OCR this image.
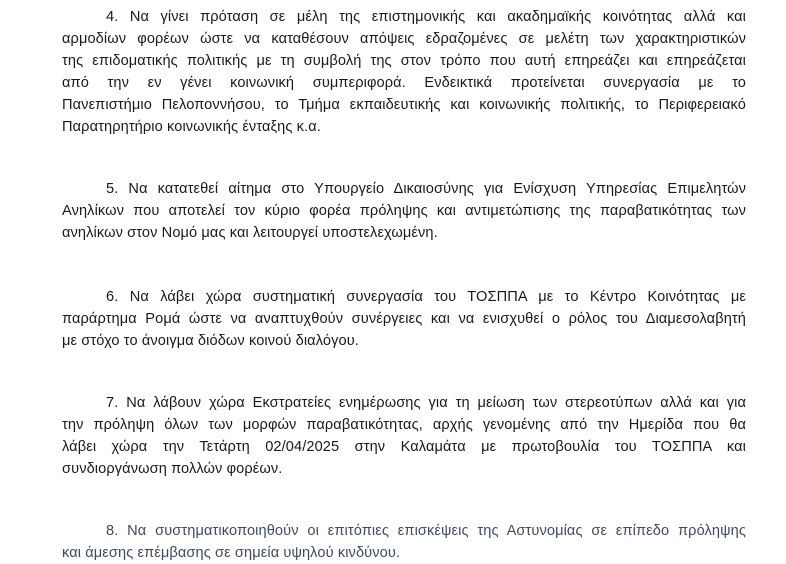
4. Να γίνει πρόταση σε μέλη της επιστημονικής και ακαδημαϊκής κοινότητας αλλά και
αρμοδίων φορέων ώστε να καταθέσουν απόψεις εδραζομένες σε μελέτη των χαρακτηριστικών
της επιδοματικής πολιτικής με τη συμβολή της στον τρόπο που αυτή επηρεάζει και επηρεάζεται
από την εν γένει κοινωνική συμπεριφορά. Ενδεικτικά προτείνεται συνεργασία με το
Πανεπιστήμιο Πελοποννήσου, το Τμήμα εκπαιδευτικής και κοινωνικής πολιτικής, το Περιφερειακό
Παρατηρητήριο κοινωνικής ένταξης κ.α.
5. Να κατατεθεί αίτημα στο Υπουργείο Δικαιοσύνης για Ενίσχυση Υπηρεσίας Επιμελητών
Ανηλίκων που αποτελεί τον κύριο φορέα πρόληψης και αντιμετώπισης της παραβατικότητας των
ανηλίκων στον Νομό μας και λειτουργεί υποστελεχωμένη.
6. Να λάβει χώρα συστηματική συνεργασία του ΤΟΣΠΠΑ με το Κέντρο Κοινότητας με
παράρτημα Ρομά ώστε να αναπτυχθούν συνέργειες και να ενισχυθεί ο ρόλος του Διαμεσολαβητή
με στόχο το άνοιγμα διόδων κοινού διαλόγου.
7. Να λάβουν χώρα Εκστρατείες ενημέρωσης για τη μείωση των στερεοτύπων αλλά και για
την πρόληψη όλων των μορφών παραβατικότητας, αρχής γενομένης από την Ημερίδα που θα
λάβει χώρα την Τετάρτη 02/04/2025 στην Καλαμάτα με πρωτοβουλία του ΤΟΣΠΠΑ και
συνδιοργάνωση πολλών φορέων.
8. Να συστηματικοποιηθούν οι επιτόπιες επισκέψεις της Αστυνομίας σε επίπεδο πρόληψης
και άμεσης επέμβασης σε σημεία υψηλού κινδύνου.
